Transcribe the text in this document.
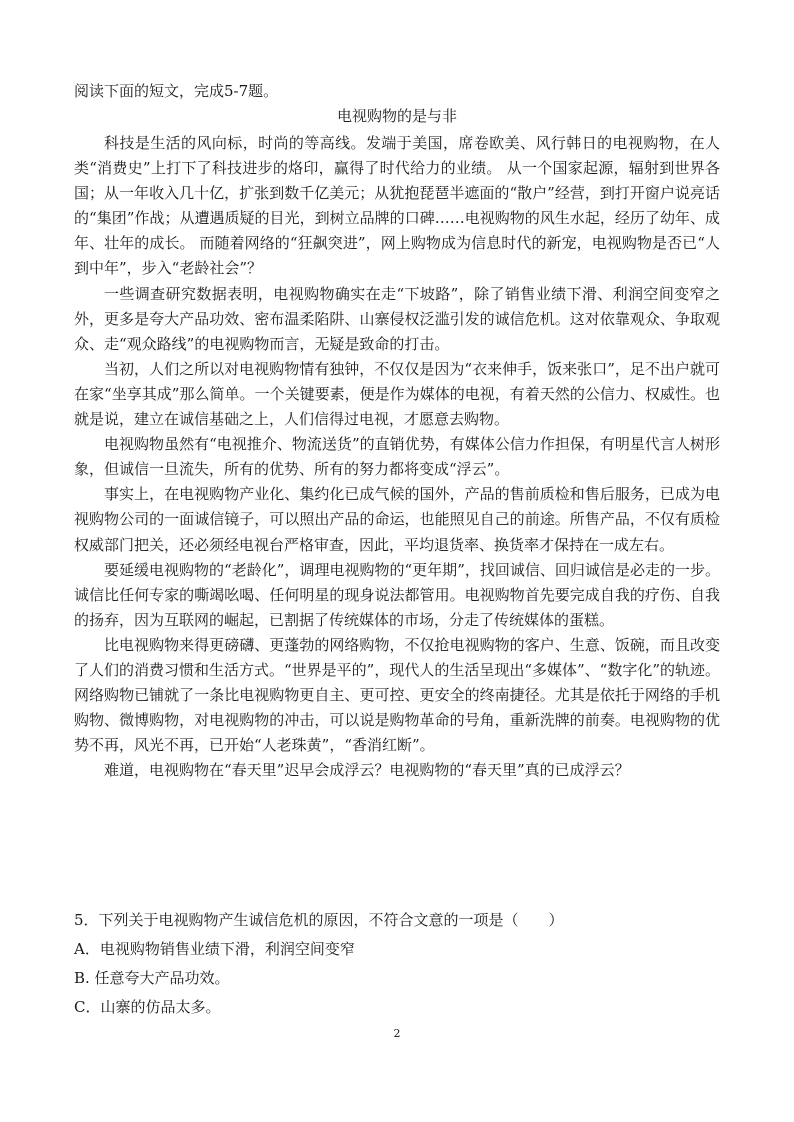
阅读下面的短文，完成5-7题。

电视购物的是与非

科技是生活的风向标，时尚的等高线。发端于美国，席卷欧美、风行韩日的电视购物，在人类“消费史”上打下了科技进步的烙印，赢得了时代给力的业绩。 从一个国家起源，辐射到世界各国；从一年收入几十亿，扩张到数千亿美元；从犹抱琵琶半遮面的“散户”经营，到打开窗户说亮话的“集团”作战；从遭遇质疑的目光，到树立品牌的口碑……电视购物的风生水起，经历了幼年、成年、壮年的成长。 而随着网络的“狂飙突进”，网上购物成为信息时代的新宠，电视购物是否已“人到中年”，步入“老龄社会”？

一些调查研究数据表明，电视购物确实在走“下坡路”，除了销售业绩下滑、利润空间变窄之外，更多是夸大产品功效、密布温柔陷阱、山寨侵权泛滥引发的诚信危机。这对依靠观众、争取观众、走“观众路线”的电视购物而言，无疑是致命的打击。

当初，人们之所以对电视购物情有独钟，不仅仅是因为“衣来伸手，饭来张口”，足不出户就可在家“坐享其成”那么简单。一个关键要素，便是作为媒体的电视，有着天然的公信力、权威性。也就是说，建立在诚信基础之上，人们信得过电视，才愿意去购物。

电视购物虽然有“电视推介、物流送货”的直销优势，有媒体公信力作担保，有明星代言人树形象，但诚信一旦流失，所有的优势、所有的努力都将变成“浮云”。

事实上，在电视购物产业化、集约化已成气候的国外，产品的售前质检和售后服务，已成为电视购物公司的一面诚信镜子，可以照出产品的命运，也能照见自己的前途。所售产品，不仅有质检权威部门把关，还必须经电视台严格审查，因此，平均退货率、换货率才保持在一成左右。

要延缓电视购物的“老龄化”，调理电视购物的“更年期”，找回诚信、回归诚信是必走的一步。诚信比任何专家的嘶竭吆喝、任何明星的现身说法都管用。电视购物首先要完成自我的疗伤、自我的扬弃，因为互联网的崛起，已割据了传统媒体的市场，分走了传统媒体的蛋糕。

比电视购物来得更磅礴、更蓬勃的网络购物，不仅抢电视购物的客户、生意、饭碗，而且改变了人们的消费习惯和生活方式。“世界是平的”，现代人的生活呈现出“多媒体”、“数字化”的轨迹。网络购物已铺就了一条比电视购物更自主、更可控、更安全的终南捷径。尤其是依托于网络的手机购物、微博购物，对电视购物的冲击，可以说是购物革命的号角，重新洗牌的前奏。电视购物的优势不再，风光不再，已开始“人老珠黄”，“香消红断”。

难道，电视购物在“春天里”迟早会成浮云？电视购物的“春天里”真的已成浮云？

5．下列关于电视购物产生诚信危机的原因，不符合文意的一项是（　　）
A．电视购物销售业绩下滑，利润空间变窄
B. 任意夸大产品功效。
C．山寨的仿品太多。
2
